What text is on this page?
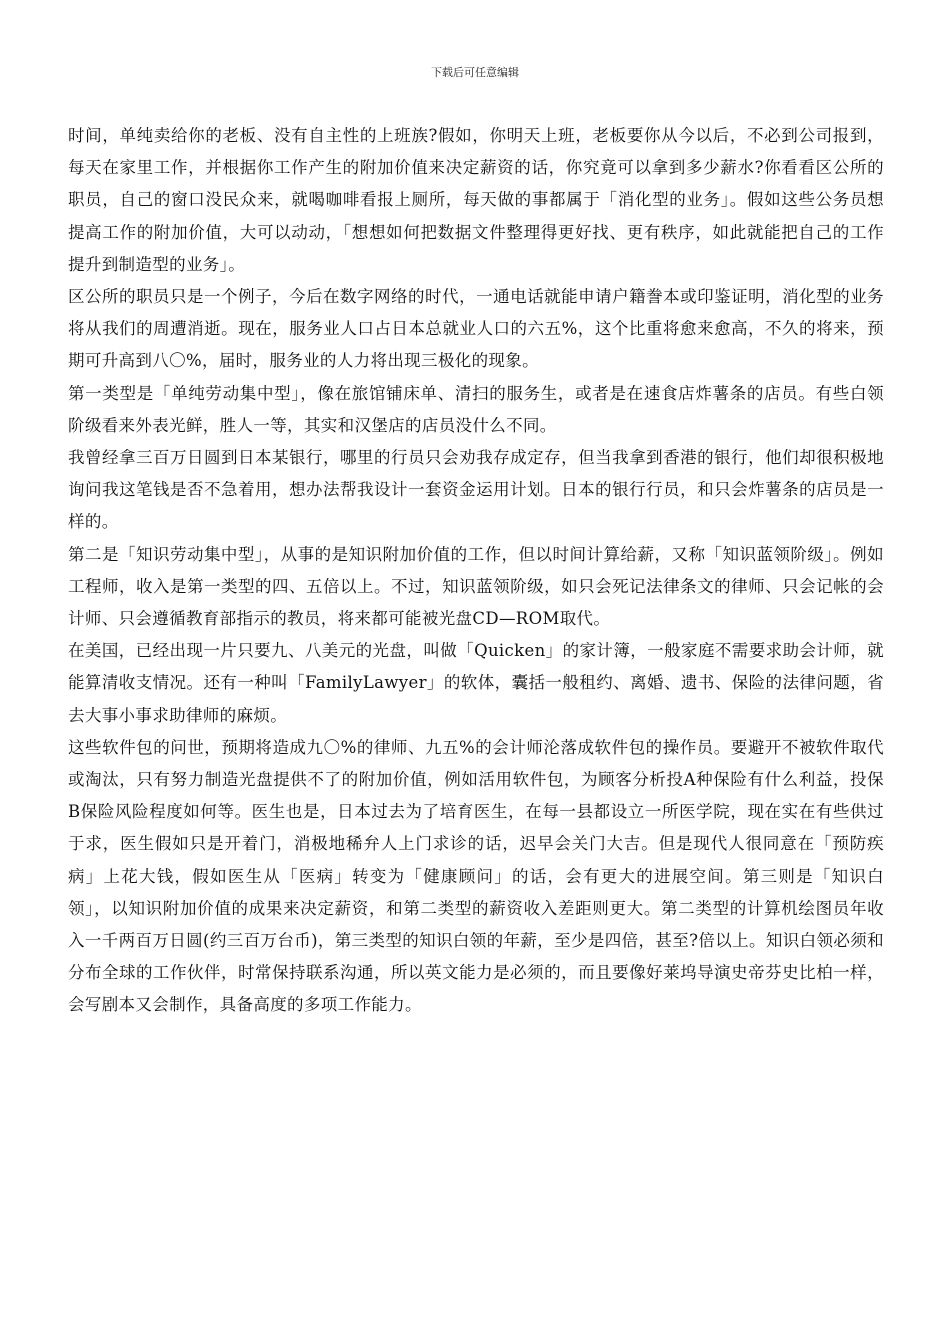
下载后可任意编辑

时间，单纯卖给你的老板、没有自主性的上班族?假如，你明天上班，老板要你从今以后，不必到公司报到，每天在家里工作，并根据你工作产生的附加价值来决定薪资的话，你究竟可以拿到多少薪水?你看看区公所的职员，自己的窗口没民众来，就喝咖啡看报上厕所，每天做的事都属于「消化型的业务」。假如这些公务员想提高工作的附加价值，大可以动动，「想想如何把数据文件整理得更好找、更有秩序，如此就能把自己的工作提升到制造型的业务」。

区公所的职员只是一个例子，今后在数字网络的时代，一通电话就能申请户籍誊本或印鉴证明，消化型的业务将从我们的周遭消逝。现在，服务业人口占日本总就业人口的六五%，这个比重将愈来愈高，不久的将来，预期可升高到八〇%，届时，服务业的人力将出现三极化的现象。

第一类型是「单纯劳动集中型」，像在旅馆铺床单、清扫的服务生，或者是在速食店炸薯条的店员。有些白领阶级看来外表光鲜，胜人一等，其实和汉堡店的店员没什么不同。

我曾经拿三百万日圆到日本某银行，哪里的行员只会劝我存成定存，但当我拿到香港的银行，他们却很积极地询问我这笔钱是否不急着用，想办法帮我设计一套资金运用计划。日本的银行行员，和只会炸薯条的店员是一样的。

第二是「知识劳动集中型」，从事的是知识附加价值的工作，但以时间计算给薪，又称「知识蓝领阶级」。例如工程师，收入是第一类型的四、五倍以上。不过，知识蓝领阶级，如只会死记法律条文的律师、只会记帐的会计师、只会遵循教育部指示的教员，将来都可能被光盘CD—ROM取代。

在美国，已经出现一片只要九、八美元的光盘，叫做「Quicken」的家计簿，一般家庭不需要求助会计师，就能算清收支情况。还有一种叫「FamilyLawyer」的软体，囊括一般租约、离婚、遗书、保险的法律问题，省去大事小事求助律师的麻烦。

这些软件包的问世，预期将造成九〇%的律师、九五%的会计师沦落成软件包的操作员。要避开不被软件取代或淘汰，只有努力制造光盘提供不了的附加价值，例如活用软件包，为顾客分析投A种保险有什么利益，投保B保险风险程度如何等。医生也是，日本过去为了培育医生，在每一县都设立一所医学院，现在实在有些供过于求，医生假如只是开着门，消极地稀弁人上门求诊的话，迟早会关门大吉。但是现代人很同意在「预防疾病」上花大钱，假如医生从「医病」转变为「健康顾问」的话，会有更大的进展空间。第三则是「知识白领」，以知识附加价值的成果来决定薪资，和第二类型的薪资收入差距则更大。第二类型的计算机绘图员年收入一千两百万日圆(约三百万台币)，第三类型的知识白领的年薪，至少是四倍，甚至?倍以上。知识白领必须和分布全球的工作伙伴，时常保持联系沟通，所以英文能力是必须的，而且要像好莱坞导演史帝芬史比柏一样，会写剧本又会制作，具备高度的多项工作能力。
